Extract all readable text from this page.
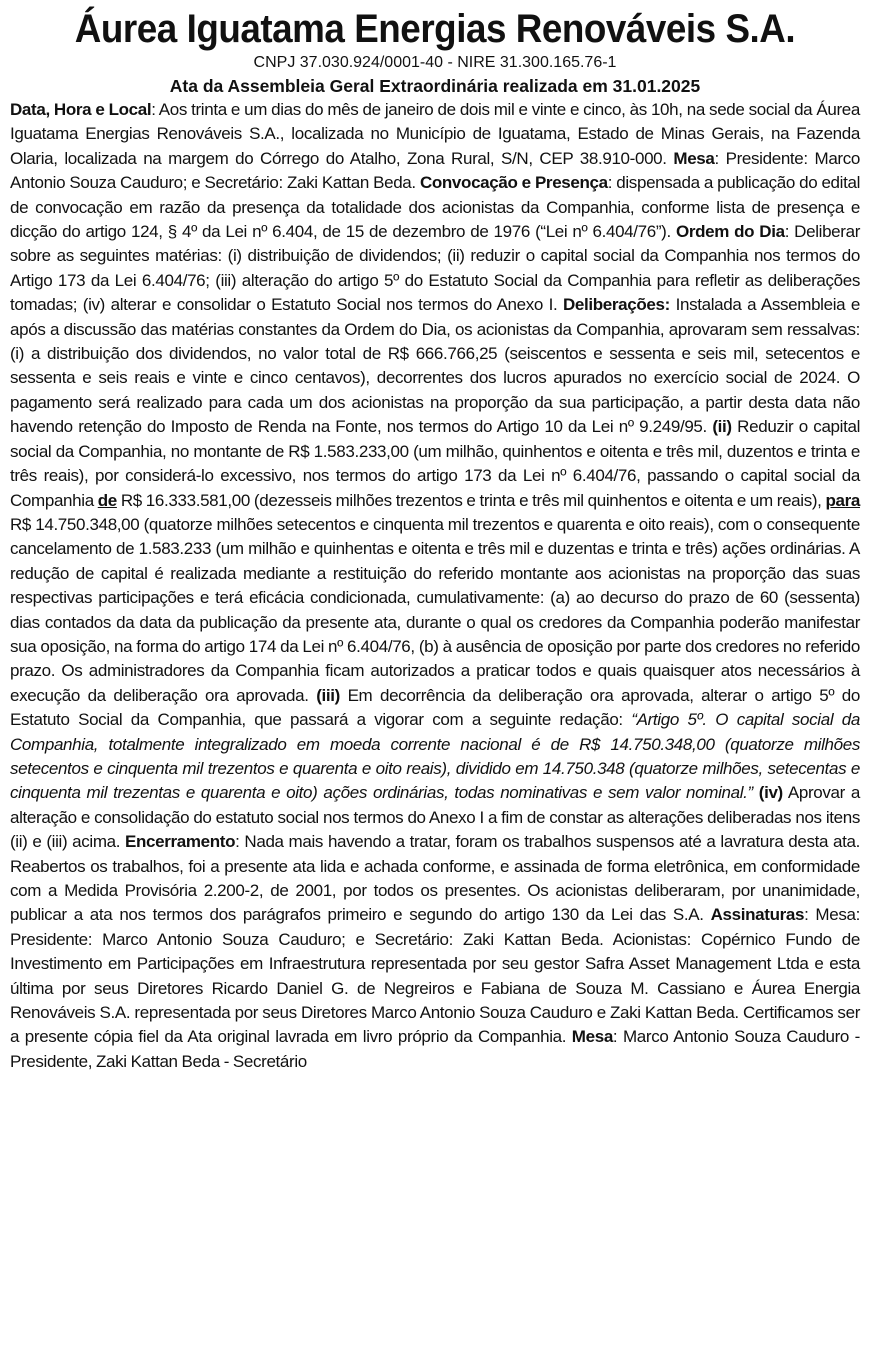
Áurea Iguatama Energias Renováveis S.A.

CNPJ 37.030.924/0001-40 - NIRE 31.300.165.76-1

Ata da Assembleia Geral Extraordinária realizada em 31.01.2025

Data, Hora e Local: Aos trinta e um dias do mês de janeiro de dois mil e vinte e cinco, às 10h, na sede social da Áurea Iguatama Energias Renováveis S.A., localizada no Município de Iguatama, Estado de Minas Gerais, na Fazenda Olaria, localizada na margem do Córrego do Atalho, Zona Rural, S/N, CEP 38.910-000. Mesa: Presidente: Marco Antonio Souza Cauduro; e Secretário: Zaki Kattan Beda. Convocação e Presença: dispensada a publicação do edital de convocação em razão da presença da totalidade dos acionistas da Companhia, conforme lista de presença e dicção do artigo 124, § 4º da Lei nº 6.404, de 15 de dezembro de 1976 (“Lei nº 6.404/76”). Ordem do Dia: Deliberar sobre as seguintes matérias: (i) distribuição de dividendos; (ii) reduzir o capital social da Companhia nos termos do Artigo 173 da Lei 6.404/76; (iii) alteração do artigo 5º do Estatuto Social da Companhia para refletir as deliberações tomadas; (iv) alterar e consolidar o Estatuto Social nos termos do Anexo I. Deliberações: Instalada a Assembleia e após a discussão das matérias constantes da Ordem do Dia, os acionistas da Companhia, aprovaram sem ressalvas: (i) a distribuição dos dividendos, no valor total de R$ 666.766,25 (seiscentos e sessenta e seis mil, setecentos e sessenta e seis reais e vinte e cinco centavos), decorrentes dos lucros apurados no exercício social de 2024. O pagamento será realizado para cada um dos acionistas na proporção da sua participação, a partir desta data não havendo retenção do Imposto de Renda na Fonte, nos termos do Artigo 10 da Lei nº 9.249/95. (ii) Reduzir o capital social da Companhia, no montante de R$ 1.583.233,00 (um milhão, quinhentos e oitenta e três mil, duzentos e trinta e três reais), por considerá-lo excessivo, nos termos do artigo 173 da Lei nº 6.404/76, passando o capital social da Companhia de R$ 16.333.581,00 (dezesseis milhões trezentos e trinta e três mil quinhentos e oitenta e um reais), para R$ 14.750.348,00 (quatorze milhões setecentos e cinquenta mil trezentos e quarenta e oito reais), com o consequente cancelamento de 1.583.233 (um milhão e quinhentas e oitenta e três mil e duzentas e trinta e três) ações ordinárias. A redução de capital é realizada mediante a restituição do referido montante aos acionistas na proporção das suas respectivas participações e terá eficácia condicionada, cumulativamente: (a) ao decurso do prazo de 60 (sessenta) dias contados da data da publicação da presente ata, durante o qual os credores da Companhia poderão manifestar sua oposição, na forma do artigo 174 da Lei nº 6.404/76, (b) à ausência de oposição por parte dos credores no referido prazo. Os administradores da Companhia ficam autorizados a praticar todos e quais quaisquer atos necessários à execução da deliberação ora aprovada. (iii) Em decorrência da deliberação ora aprovada, alterar o artigo 5º do Estatuto Social da Companhia, que passará a vigorar com a seguinte redação: “Artigo 5º. O capital social da Companhia, totalmente integralizado em moeda corrente nacional é de R$ 14.750.348,00 (quatorze milhões setecentos e cinquenta mil trezentos e quarenta e oito reais), dividido em 14.750.348 (quatorze milhões, setecentas e cinquenta mil trezentas e quarenta e oito) ações ordinárias, todas nominativas e sem valor nominal.” (iv) Aprovar a alteração e consolidação do estatuto social nos termos do Anexo I a fim de constar as alterações deliberadas nos itens (ii) e (iii) acima. Encerramento: Nada mais havendo a tratar, foram os trabalhos suspensos até a lavratura desta ata. Reabertos os trabalhos, foi a presente ata lida e achada conforme, e assinada de forma eletrônica, em conformidade com a Medida Provisória 2.200-2, de 2001, por todos os presentes. Os acionistas deliberaram, por unanimidade, publicar a ata nos termos dos parágrafos primeiro e segundo do artigo 130 da Lei das S.A. Assinaturas: Mesa: Presidente: Marco Antonio Souza Cauduro; e Secretário: Zaki Kattan Beda. Acionistas: Copérnico Fundo de Investimento em Participações em Infraestrutura representada por seu gestor Safra Asset Management Ltda e esta última por seus Diretores Ricardo Daniel G. de Negreiros e Fabiana de Souza M. Cassiano e Áurea Energia Renováveis S.A. representada por seus Diretores Marco Antonio Souza Cauduro e Zaki Kattan Beda. Certificamos ser a presente cópia fiel da Ata original lavrada em livro próprio da Companhia. Mesa: Marco Antonio Souza Cauduro - Presidente, Zaki Kattan Beda - Secretário
